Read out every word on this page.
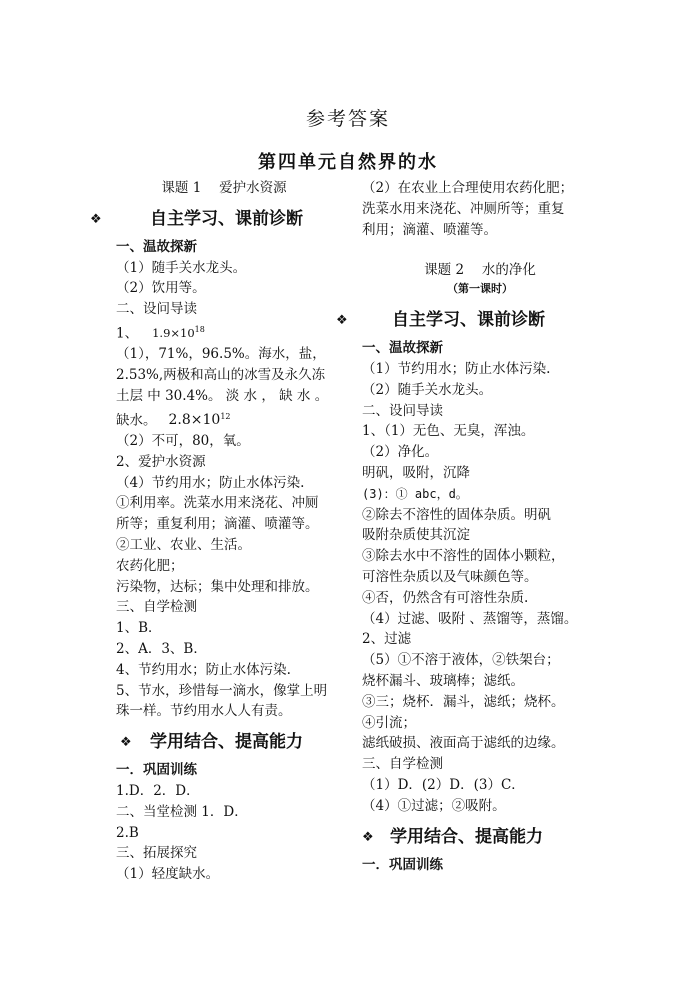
参考答案
第四单元自然界的水
课题 1　 爱护水资源
❖	自主学习、课前诊断
一、温故探新
（1）随手关水龙头。
（2）饮用等。
二、设问导读
1、 $1.9\times 10^{18}$
（1），71%，96.5%。海水，盐，
2.53%,两极和高山的冰雪及永久冻
土层 中 30.4%。 淡 水 ， 缺 水 。
缺水。 $2.8\times 10^{12}$
（2）不可，80，氧。
2、爱护水资源
（4）节约用水；防止水体污染.
①利用率。洗菜水用来浇花、冲厕
所等；重复利用；滴灌、喷灌等。
②工业、农业、生活。
农药化肥；
污染物，达标；集中处理和排放。
三、自学检测
1、B．
2、A．3、B．
4、节约用水；防止水体污染.
5、节水，珍惜每一滴水，像掌上明
珠一样。节约用水人人有责。
❖ 学用结合、提高能力
一．巩固训练
1.D．2．D．
二、当堂检测 1．D．
2.B
三、拓展探究
（1）轻度缺水。
（2）在农业上合理使用农药化肥；
洗菜水用来浇花、冲厕所等；重复
利用；滴灌、喷灌等。
课题 2　 水的净化
（第一课时）
❖	自主学习、课前诊断
一、温故探新
（1）节约用水；防止水体污染.
（2）随手关水龙头。
二、设问导读
1、（1）无色、无臭，浑浊。
（2）净化。
明矾，吸附，沉降
(3)：① abc，d。
②除去不溶性的固体杂质。明矾
吸附杂质使其沉淀
③除去水中不溶性的固体小颗粒，
可溶性杂质以及气味颜色等。
④否，仍然含有可溶性杂质.
（4）过滤、吸附 、蒸馏等，蒸馏。
2、过滤
（5）①不溶于液体，②铁架台；
烧杯漏斗、玻璃棒；滤纸。
③三；烧杯．漏斗，滤纸；烧杯。
④引流；
滤纸破损、液面高于滤纸的边缘。
三、自学检测
（1）D．(2）D．(3）C．
（4）①过滤；②吸附。
❖ 学用结合、提高能力
一．巩固训练
